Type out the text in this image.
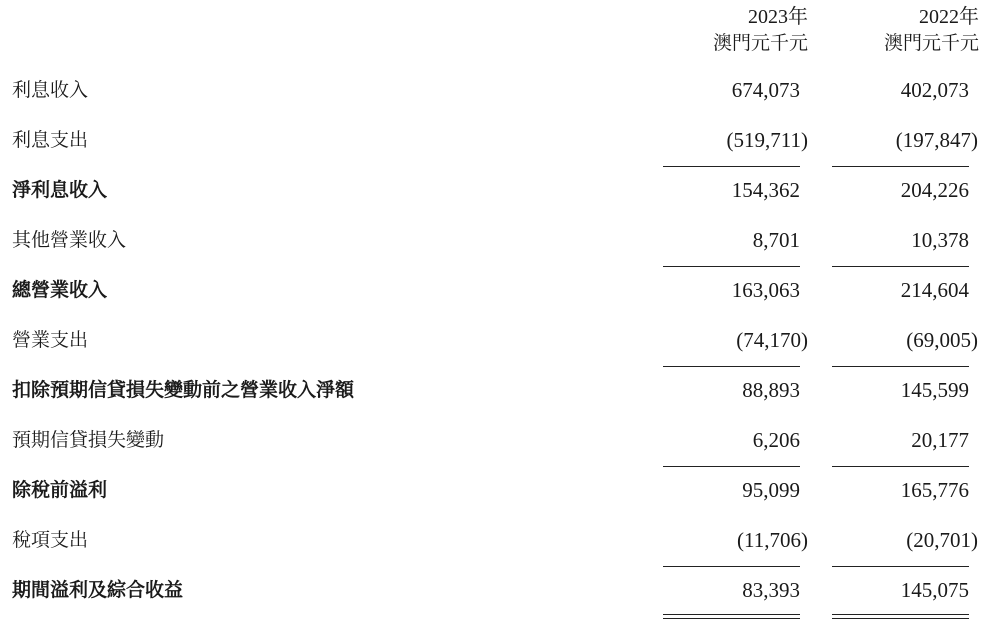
2023年
澳門元千元
2022年
澳門元千元
利息收入	674,073	402,073
利息支出	(519,711)	(197,847)
淨利息收入	154,362	204,226
其他營業收入	8,701	10,378
總營業收入	163,063	214,604
營業支出	(74,170)	(69,005)
扣除預期信貸損失變動前之營業收入淨額	88,893	145,599
預期信貸損失變動	6,206	20,177
除稅前溢利	95,099	165,776
稅項支出	(11,706)	(20,701)
期間溢利及綜合收益	83,393	145,075
